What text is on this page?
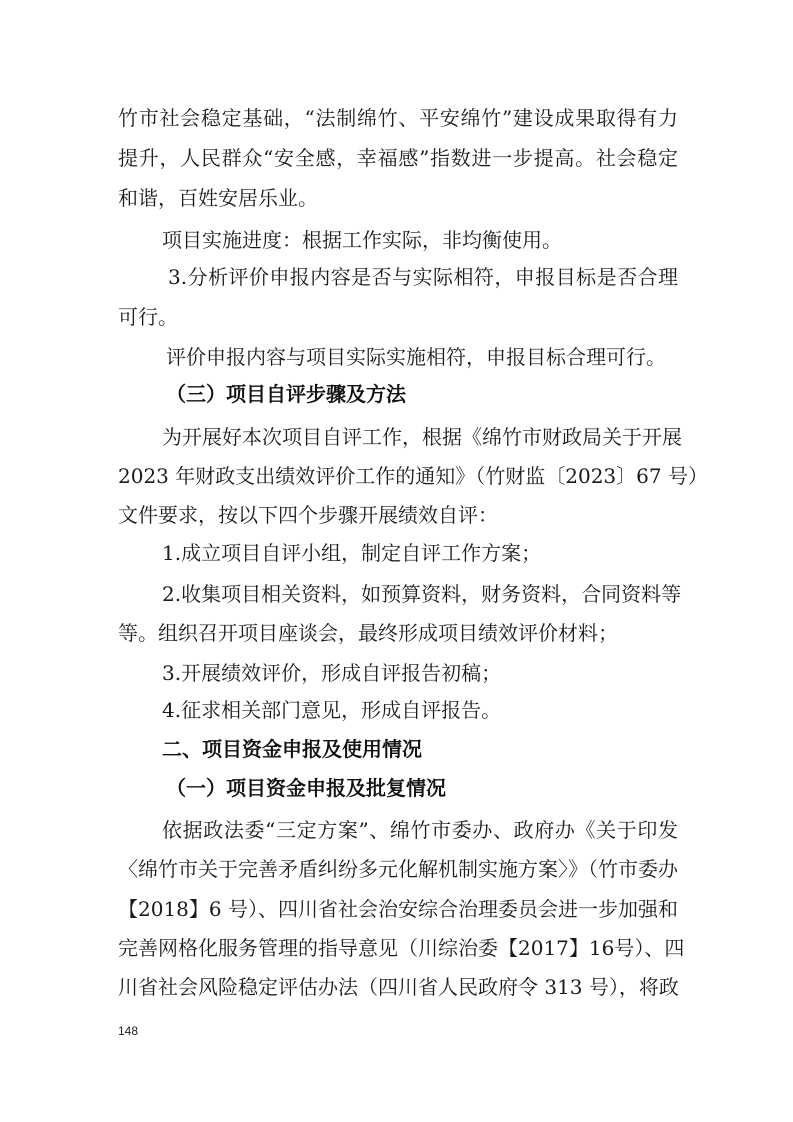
竹市社会稳定基础，“法制绵竹、平安绵竹”建设成果取得有力
提升，人民群众“安全感，幸福感”指数进一步提高。社会稳定
和谐，百姓安居乐业。
项目实施进度：根据工作实际，非均衡使用。
3.分析评价申报内容是否与实际相符，申报目标是否合理
可行。
评价申报内容与项目实际实施相符，申报目标合理可行。
（三）项目自评步骤及方法
为开展好本次项目自评工作，根据《绵竹市财政局关于开展
2023 年财政支出绩效评价工作的通知》（竹财监〔2023〕67 号）
文件要求，按以下四个步骤开展绩效自评：
1.成立项目自评小组，制定自评工作方案；
2.收集项目相关资料，如预算资料，财务资料，合同资料等
等。组织召开项目座谈会，最终形成项目绩效评价材料；
3.开展绩效评价，形成自评报告初稿；
4.征求相关部门意见，形成自评报告。
二、项目资金申报及使用情况
（一）项目资金申报及批复情况
依据政法委“三定方案”、绵竹市委办、政府办《关于印发
〈绵竹市关于完善矛盾纠纷多元化解机制实施方案〉》（竹市委办
【2018】6 号）、四川省社会治安综合治理委员会进一步加强和
完善网格化服务管理的指导意见（川综治委【2017】16号）、四
川省社会风险稳定评估办法（四川省人民政府令 313 号），将政
148
